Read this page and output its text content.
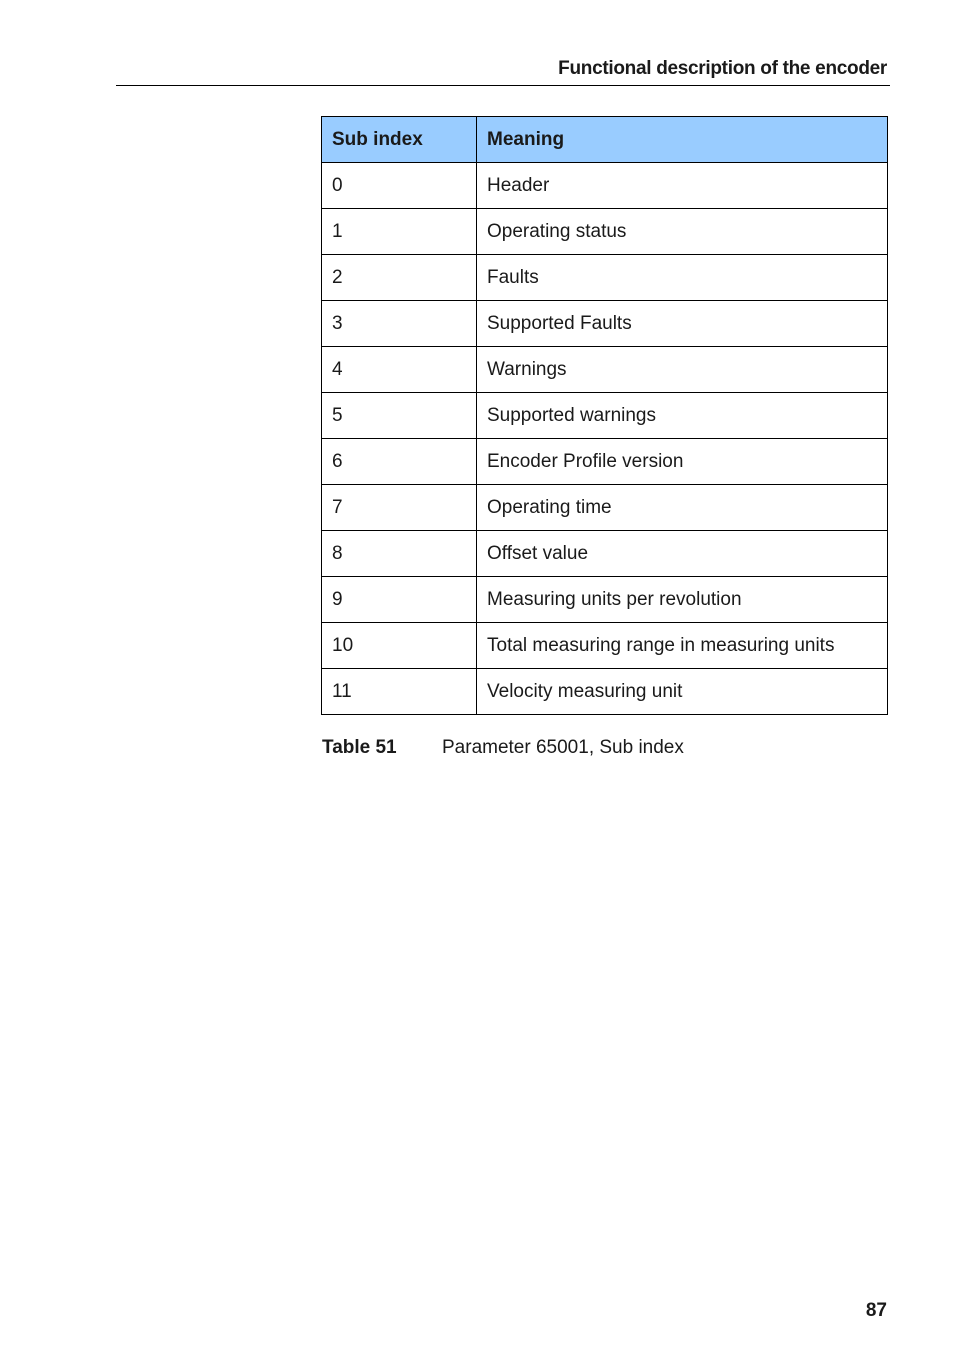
Functional description of the encoder
Sub index	Meaning
0	Header
1	Operating status
2	Faults
3	Supported Faults
4	Warnings
5	Supported warnings
6	Encoder Profile version
7	Operating time
8	Offset value
9	Measuring units per revolution
10	Total measuring range in measuring units
11	Velocity measuring unit
Table 51 Parameter 65001, Sub index
87
